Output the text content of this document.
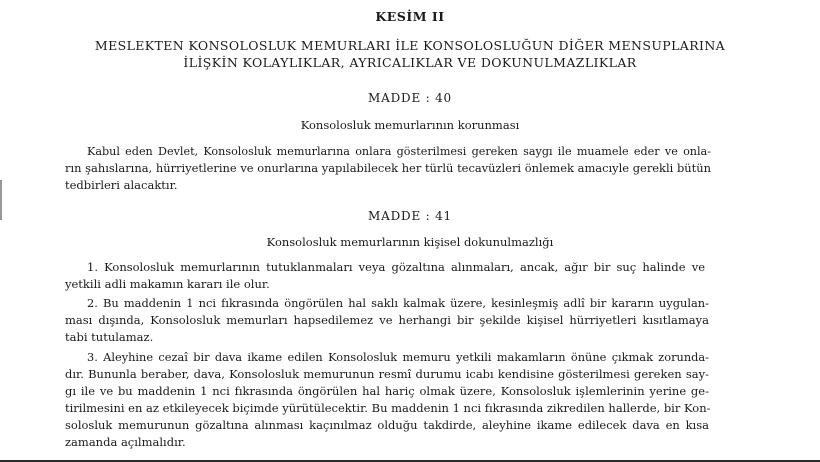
KESİM II
MESLEKTEN KONSOLOSLUK MEMURLARI İLE KONSOLOSLUĞUN DİĞER MENSUPLARINA
İLİŞKİN KOLAYLIKLAR, AYRICALIKLAR VE DOKUNULMAZLIKLAR
MADDE : 40
Konsolosluk memurlarının korunması
Kabul eden Devlet, Konsolosluk memurlarına onlara gösterilmesi gereken saygı ile muamele eder ve onla-
rın şahıslarına, hürriyetlerine ve onurlarına yapılabilecek her türlü tecavüzleri önlemek amacıyle gerekli bütün
tedbirleri alacaktır.
MADDE : 41
Konsolosluk memurlarının kişisel dokunulmazlığı
1. Konsolosluk memurlarının tutuklanmaları veya gözaltına alınmaları, ancak, ağır bir suç halinde ve
yetkili adli makamın kararı ile olur.
2. Bu maddenin 1 nci fıkrasında öngörülen hal saklı kalmak üzere, kesinleşmiş adlî bir kararın uygulan-
ması dışında, Konsolosluk memurları hapsedilemez ve herhangi bir şekilde kişisel hürriyetleri kısıtlamaya
tabi tutulamaz.
3. Aleyhine cezaî bir dava ikame edilen Konsolosluk memuru yetkili makamların önüne çıkmak zorunda-
dır. Bununla beraber, dava, Konsolosluk memurunun resmî durumu icabı kendisine gösterilmesi gereken say-
gı ile ve bu maddenin 1 nci fıkrasında öngörülen hal hariç olmak üzere, Konsolosluk işlemlerinin yerine ge-
tirilmesini en az etkileyecek biçimde yürütülecektir. Bu maddenin 1 nci fıkrasında zikredilen hallerde, bir Kon-
solosluk memurunun gözaltına alınması kaçınılmaz olduğu takdirde, aleyhine ikame edilecek dava en kısa
zamanda açılmalıdır.
